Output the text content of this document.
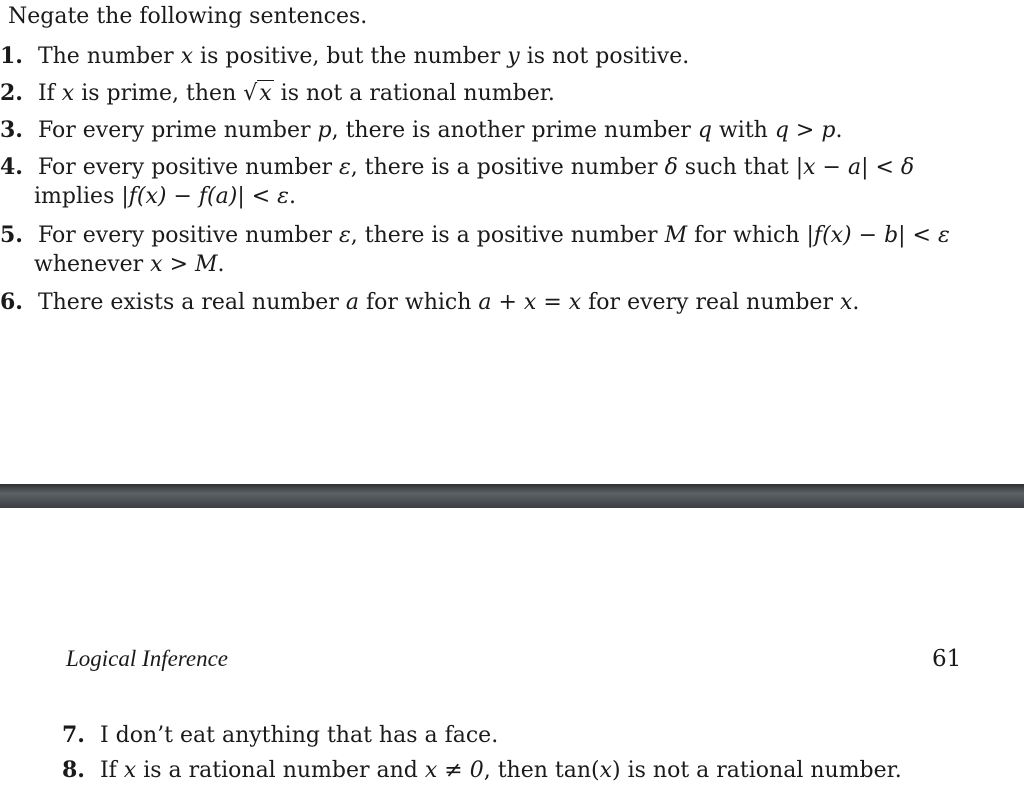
Negate the following sentences.
1. The number x is positive, but the number y is not positive.
2. If x is prime, then √x is not a rational number.
3. For every prime number p, there is another prime number q with q > p.
4. For every positive number ε, there is a positive number δ such that |x − a| < δ
implies |f(x) − f(a)| < ε.
5. For every positive number ε, there is a positive number M for which |f(x) − b| < ε
whenever x > M.
6. There exists a real number a for which a + x = x for every real number x.
Logical Inference	61
7. I don’t eat anything that has a face.
8. If x is a rational number and x ≠ 0, then tan(x) is not a rational number.
